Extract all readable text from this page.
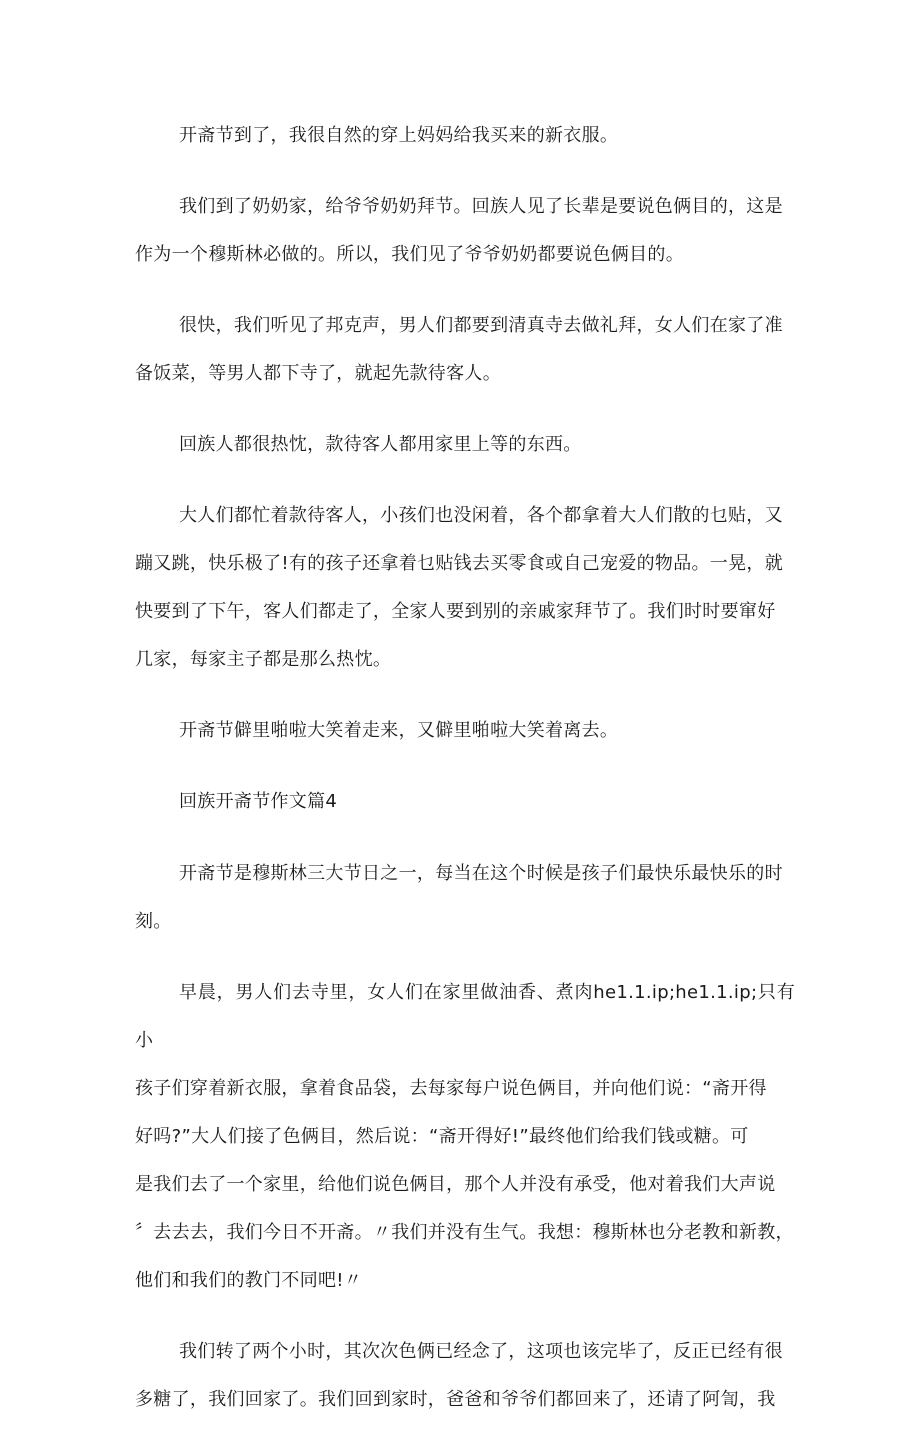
开斋节到了，我很自然的穿上妈妈给我买来的新衣服。

我们到了奶奶家，给爷爷奶奶拜节。回族人见了长辈是要说色俩目的，这是
作为一个穆斯林必做的。所以，我们见了爷爷奶奶都要说色俩目的。

很快，我们听见了邦克声，男人们都要到清真寺去做礼拜，女人们在家了准
备饭菜，等男人都下寺了，就起先款待客人。

回族人都很热忱，款待客人都用家里上等的东西。

大人们都忙着款待客人，小孩们也没闲着，各个都拿着大人们散的乜贴，又
蹦又跳，快乐极了!有的孩子还拿着乜贴钱去买零食或自己宠爱的物品。一晃，就
快要到了下午，客人们都走了，全家人要到别的亲戚家拜节了。我们时时要窜好
几家，每家主子都是那么热忱。

开斋节僻里啪啦大笑着走来，又僻里啪啦大笑着离去。

回族开斋节作文篇4

开斋节是穆斯林三大节日之一，每当在这个时候是孩子们最快乐最快乐的时
刻。

早晨，男人们去寺里，女人们在家里做油香、煮肉he1.1.ip;he1.1.ip;只有小
孩子们穿着新衣服，拿着食品袋，去每家每户说色俩目，并向他们说：“斋开得
好吗?”大人们接了色俩目，然后说：“斋开得好!”最终他们给我们钱或糖。可
是我们去了一个家里，给他们说色俩目，那个人并没有承受，他对着我们大声说
〞去去去，我们今日不开斋。〃我们并没有生气。我想：穆斯林也分老教和新教，
他们和我们的教门不同吧!〃

我们转了两个小时，其次次色俩已经念了，这项也该完毕了，反正已经有很
多糖了，我们回家了。我们回到家时，爸爸和爷爷们都回来了，还请了阿訇，我
